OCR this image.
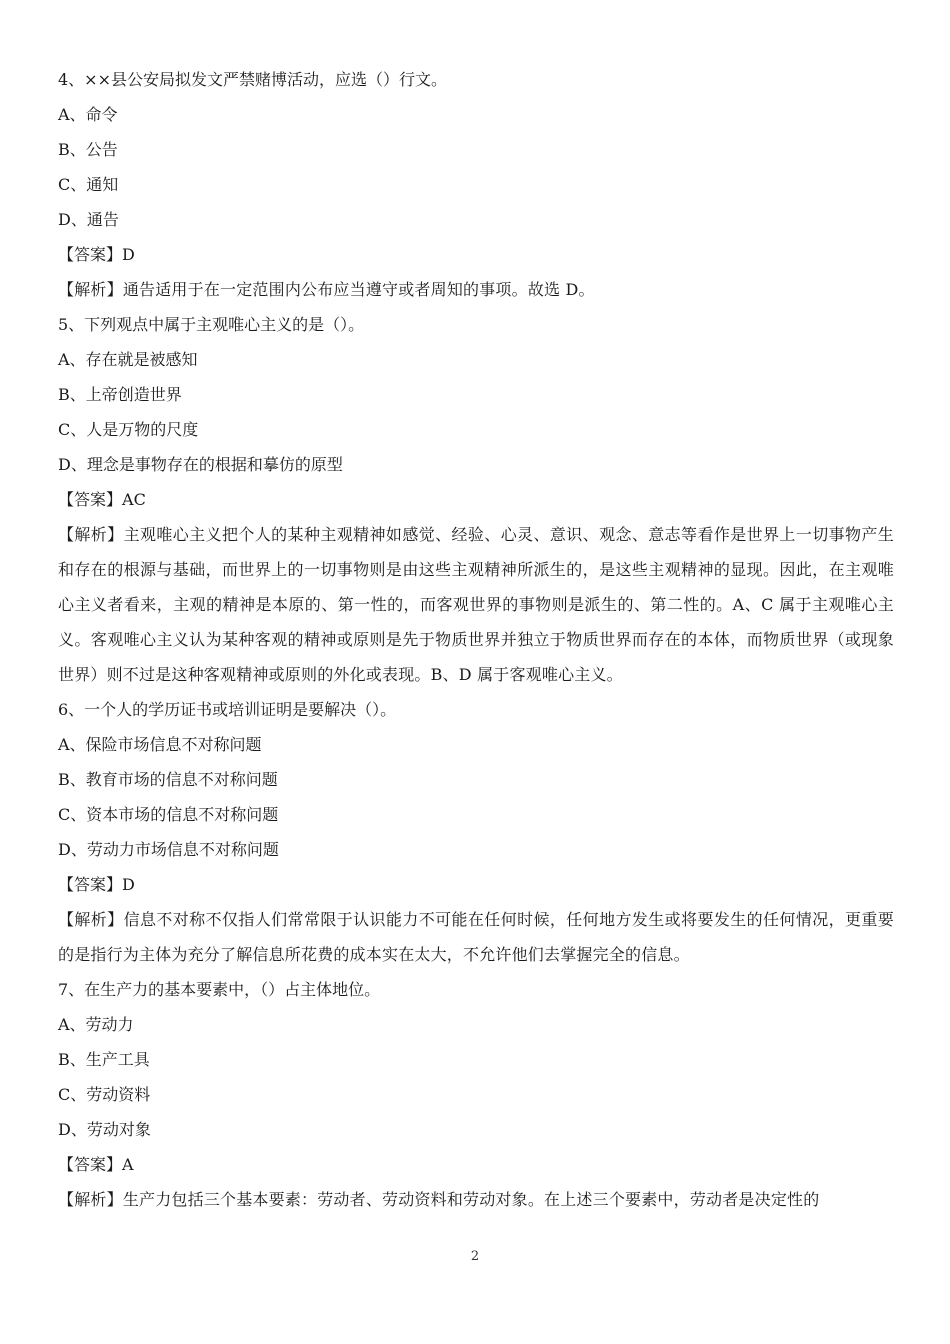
4、××县公安局拟发文严禁赌博活动，应选（）行文。
A、命令
B、公告
C、通知
D、通告
【答案】D
【解析】通告适用于在一定范围内公布应当遵守或者周知的事项。故选 D。
5、下列观点中属于主观唯心主义的是（）。
A、存在就是被感知
B、上帝创造世界
C、人是万物的尺度
D、理念是事物存在的根据和摹仿的原型
【答案】AC
【解析】主观唯心主义把个人的某种主观精神如感觉、经验、心灵、意识、观念、意志等看作是世界上一切事物产生和存在的根源与基础，而世界上的一切事物则是由这些主观精神所派生的，是这些主观精神的显现。因此，在主观唯心主义者看来，主观的精神是本原的、第一性的，而客观世界的事物则是派生的、第二性的。A、C 属于主观唯心主义。客观唯心主义认为某种客观的精神或原则是先于物质世界并独立于物质世界而存在的本体，而物质世界（或现象世界）则不过是这种客观精神或原则的外化或表现。B、D 属于客观唯心主义。
6、一个人的学历证书或培训证明是要解决（）。
A、保险市场信息不对称问题
B、教育市场的信息不对称问题
C、资本市场的信息不对称问题
D、劳动力市场信息不对称问题
【答案】D
【解析】信息不对称不仅指人们常常限于认识能力不可能在任何时候，任何地方发生或将要发生的任何情况，更重要的是指行为主体为充分了解信息所花费的成本实在太大，不允许他们去掌握完全的信息。
7、在生产力的基本要素中，（）占主体地位。
A、劳动力
B、生产工具
C、劳动资料
D、劳动对象
【答案】A
【解析】生产力包括三个基本要素：劳动者、劳动资料和劳动对象。在上述三个要素中，劳动者是决定性的
2
